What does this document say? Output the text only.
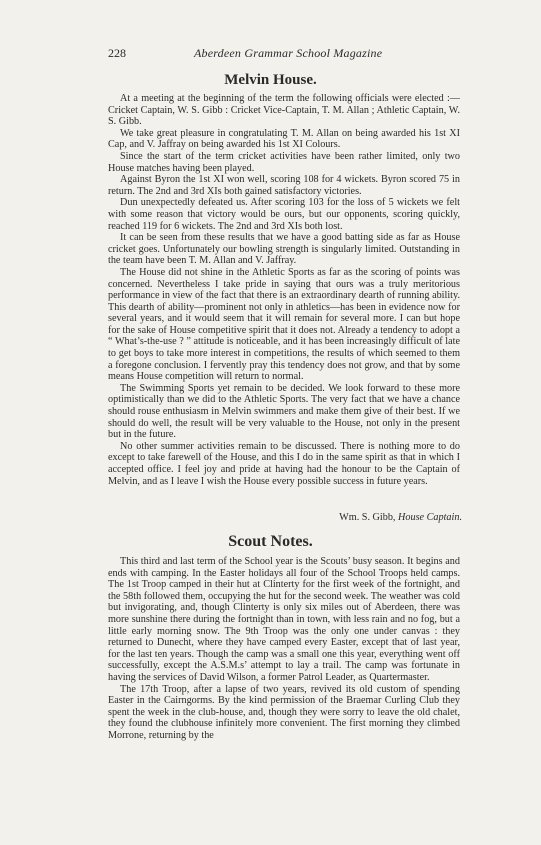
228	Aberdeen Grammar School Magazine
Melvin House.

At a meeting at the beginning of the term the following officials were elected :—Cricket Captain, W. S. Gibb : Cricket Vice-Captain, T. M. Allan ; Athletic Captain, W. S. Gibb.

We take great pleasure in congratulating T. M. Allan on being awarded his 1st XI Cap, and V. Jaffray on being awarded his 1st XI Colours.

Since the start of the term cricket activities have been rather limited, only two House matches having been played.

Against Byron the 1st XI won well, scoring 108 for 4 wickets. Byron scored 75 in return. The 2nd and 3rd XIs both gained satisfactory victories.

Dun unexpectedly defeated us. After scoring 103 for the loss of 5 wickets we felt with some reason that victory would be ours, but our opponents, scoring quickly, reached 119 for 6 wickets. The 2nd and 3rd XIs both lost.

It can be seen from these results that we have a good batting side as far as House cricket goes. Unfortunately our bowling strength is singularly limited. Outstanding in the team have been T. M. Allan and V. Jaffray.

The House did not shine in the Athletic Sports as far as the scoring of points was concerned. Nevertheless I take pride in saying that ours was a truly meritorious performance in view of the fact that there is an extraordinary dearth of running ability. This dearth of ability—prominent not only in athletics—has been in evidence now for several years, and it would seem that it will remain for several more. I can but hope for the sake of House competitive spirit that it does not. Already a tendency to adopt a “ What’s-the-use ? ” attitude is noticeable, and it has been increasingly difficult of late to get boys to take more interest in competitions, the results of which seemed to them a foregone conclusion. I fervently pray this tendency does not grow, and that by some means House competition will return to normal.

The Swimming Sports yet remain to be decided. We look forward to these more optimistically than we did to the Athletic Sports. The very fact that we have a chance should rouse enthusiasm in Melvin swimmers and make them give of their best. If we should do well, the result will be very valuable to the House, not only in the present but in the future.

No other summer activities remain to be discussed. There is nothing more to do except to take farewell of the House, and this I do in the same spirit as that in which I accepted office. I feel joy and pride at having had the honour to be the Captain of Melvin, and as I leave I wish the House every possible success in future years.

Wm. S. Gibb, House Captain.
Scout Notes.

This third and last term of the School year is the Scouts’ busy season. It begins and ends with camping. In the Easter holidays all four of the School Troops held camps. The 1st Troop camped in their hut at Clinterty for the first week of the fortnight, and the 58th followed them, occupying the hut for the second week. The weather was cold but invigorating, and, though Clinterty is only six miles out of Aberdeen, there was more sunshine there during the fortnight than in town, with less rain and no fog, but a little early morning snow. The 9th Troop was the only one under canvas : they returned to Dunecht, where they have camped every Easter, except that of last year, for the last ten years. Though the camp was a small one this year, everything went off successfully, except the A.S.M.s’ attempt to lay a trail. The camp was fortunate in having the services of David Wilson, a former Patrol Leader, as Quartermaster.

The 17th Troop, after a lapse of two years, revived its old custom of spending Easter in the Cairngorms. By the kind permission of the Braemar Curling Club they spent the week in the club-house, and, though they were sorry to leave the old chalet, they found the clubhouse infinitely more convenient. The first morning they climbed Morrone, returning by the
